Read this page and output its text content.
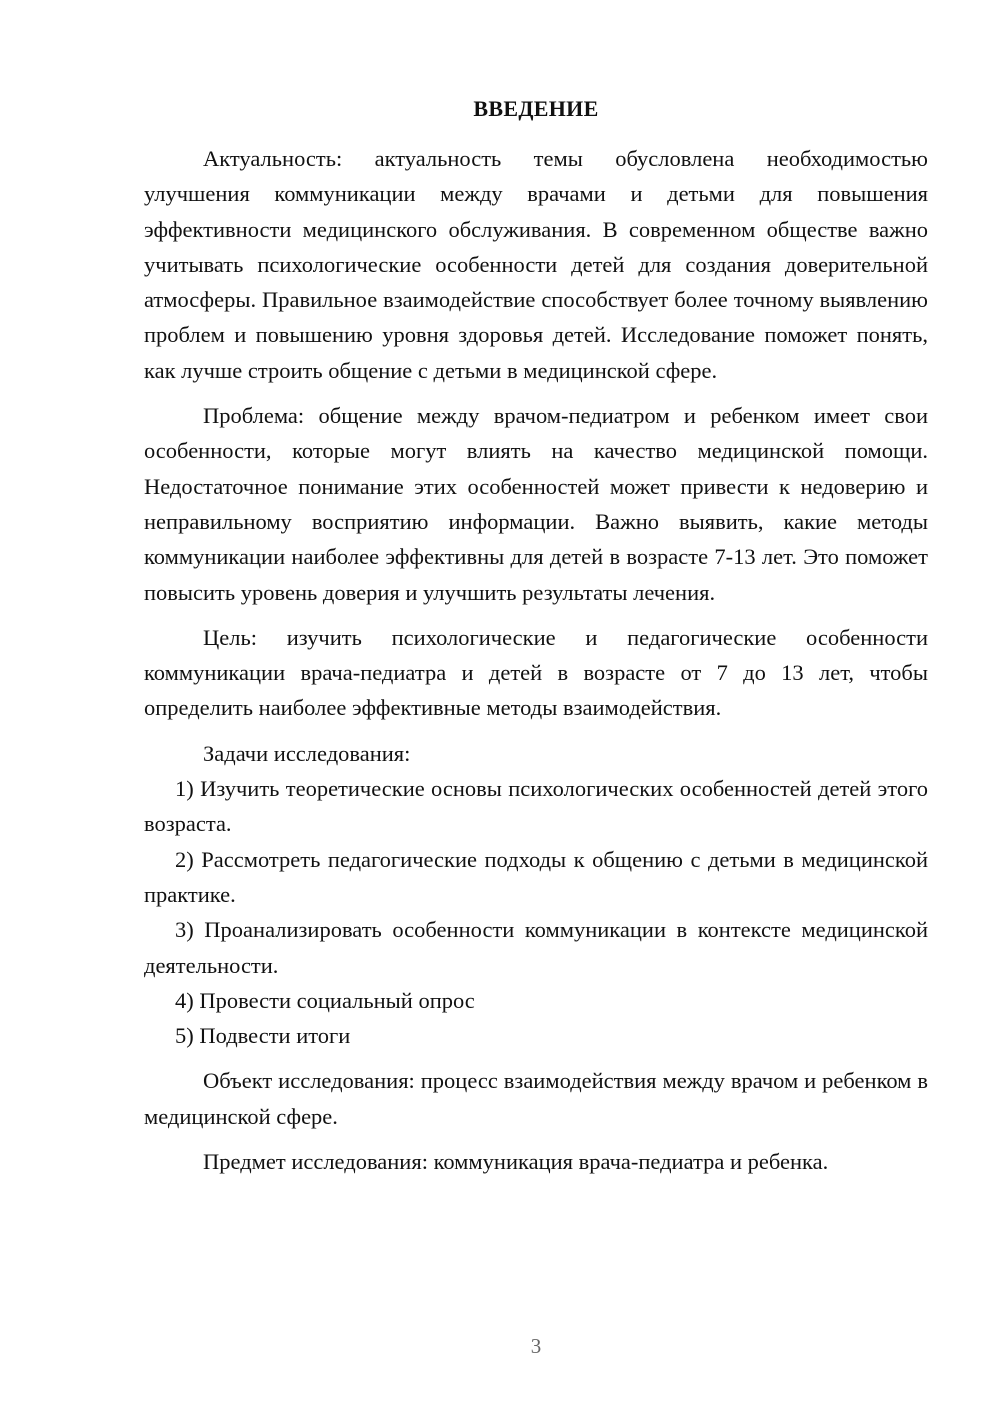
ВВЕДЕНИЕ

Актуальность: актуальность темы обусловлена необходимостью улучшения коммуникации между врачами и детьми для повышения эффективности медицинского обслуживания. В современном обществе важно учитывать психологические особенности детей для создания доверительной атмосферы. Правильное взаимодействие способствует более точному выявлению проблем и повышению уровня здоровья детей. Исследование поможет понять, как лучше строить общение с детьми в медицинской сфере.

Проблема: общение между врачом-педиатром и ребенком имеет свои особенности, которые могут влиять на качество медицинской помощи. Недостаточное понимание этих особенностей может привести к недоверию и неправильному восприятию информации. Важно выявить, какие методы коммуникации наиболее эффективны для детей в возрасте 7-13 лет. Это поможет повысить уровень доверия и улучшить результаты лечения.

Цель: изучить психологические и педагогические особенности коммуникации врача-педиатра и детей в возрасте от 7 до 13 лет, чтобы определить наиболее эффективные методы взаимодействия.

Задачи исследования:

1) Изучить теоретические основы психологических особенностей детей этого возраста.

2) Рассмотреть педагогические подходы к общению с детьми в медицинской практике.

3) Проанализировать особенности коммуникации в контексте медицинской деятельности.

4) Провести социальный опрос

5) Подвести итоги

Объект исследования: процесс взаимодействия между врачом и ребенком в медицинской сфере.

Предмет исследования: коммуникация врача-педиатра и ребенка.

3
